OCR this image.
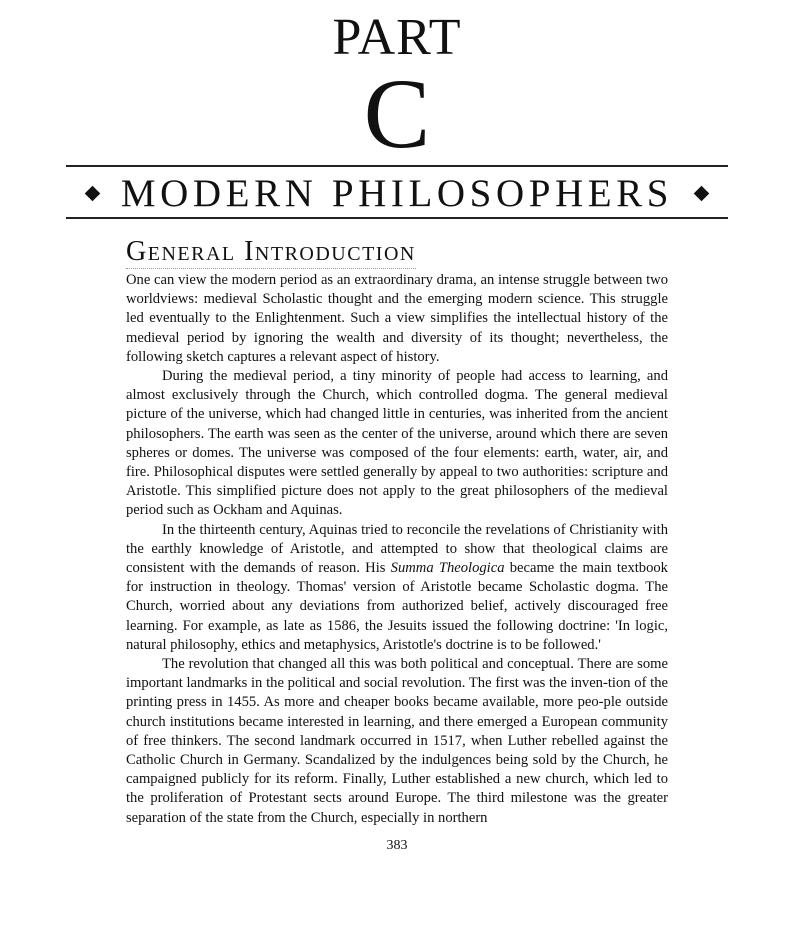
PART
C
MODERN PHILOSOPHERS
General Introduction

One can view the modern period as an extraordinary drama, an intense struggle between two worldviews: medieval Scholastic thought and the emerging modern science. This struggle led eventually to the Enlightenment. Such a view simplifies the intellectual history of the medieval period by ignoring the wealth and diversity of its thought; nevertheless, the following sketch captures a relevant aspect of history.

During the medieval period, a tiny minority of people had access to learning, and almost exclusively through the Church, which controlled dogma. The general medieval picture of the universe, which had changed little in centuries, was inherited from the ancient philosophers. The earth was seen as the center of the universe, around which there are seven spheres or domes. The universe was composed of the four elements: earth, water, air, and fire. Philosophical disputes were settled generally by appeal to two authorities: scripture and Aristotle. This simplified picture does not apply to the great philosophers of the medieval period such as Ockham and Aquinas.

In the thirteenth century, Aquinas tried to reconcile the revelations of Christianity with the earthly knowledge of Aristotle, and attempted to show that theological claims are consistent with the demands of reason. His Summa Theologica became the main textbook for instruction in theology. Thomas' version of Aristotle became Scholastic dogma. The Church, worried about any deviations from authorized belief, actively discouraged free learning. For example, as late as 1586, the Jesuits issued the following doctrine: 'In logic, natural philosophy, ethics and metaphysics, Aristotle's doctrine is to be followed.'

The revolution that changed all this was both political and conceptual. There are some important landmarks in the political and social revolution. The first was the inven-tion of the printing press in 1455. As more and cheaper books became available, more peo-ple outside church institutions became interested in learning, and there emerged a European community of free thinkers. The second landmark occurred in 1517, when Luther rebelled against the Catholic Church in Germany. Scandalized by the indulgences being sold by the Church, he campaigned publicly for its reform. Finally, Luther established a new church, which led to the proliferation of Protestant sects around Europe. The third milestone was the greater separation of the state from the Church, especially in northern

383
